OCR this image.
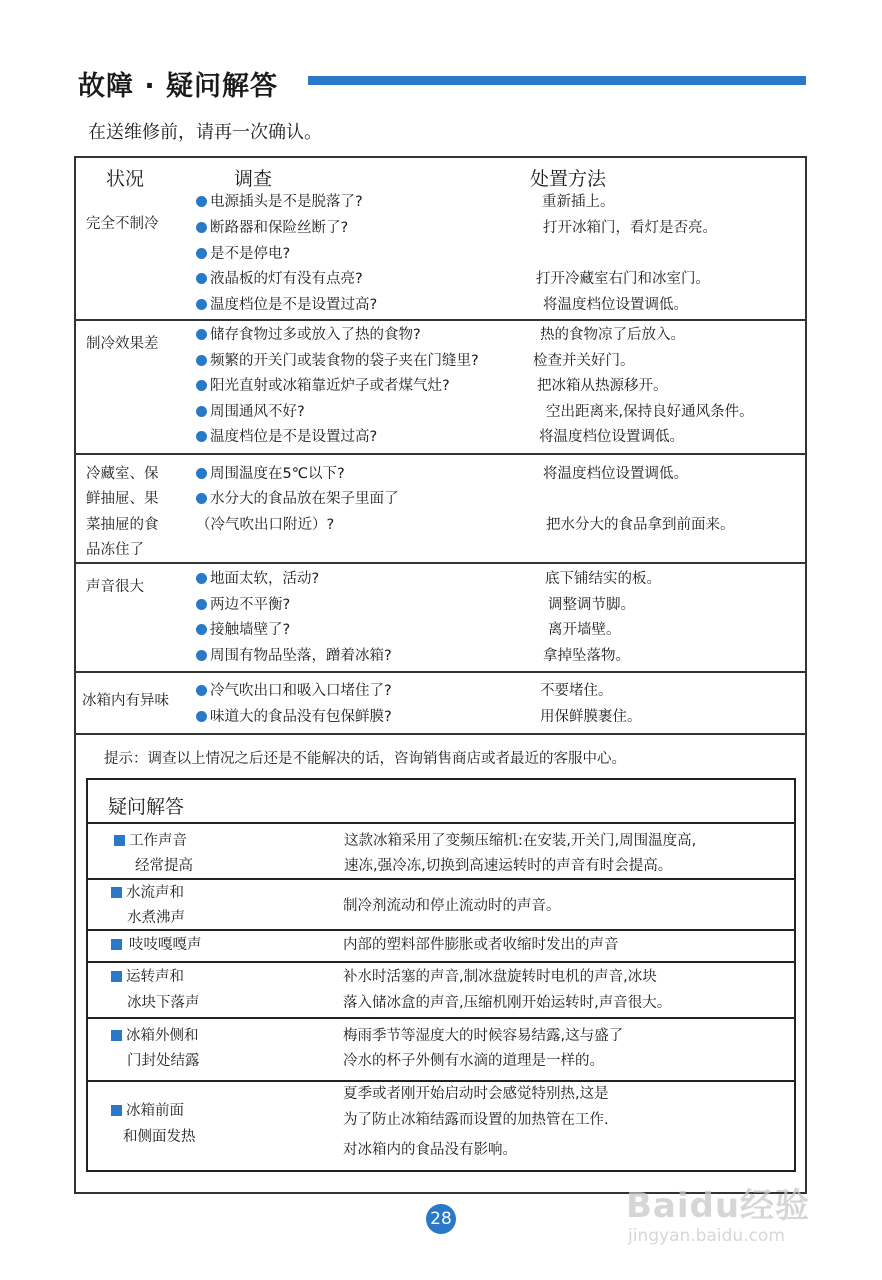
故障 · 疑问解答
在送维修前，请再一次确认。
状况	调查	处置方法
完全不制冷
电源插头是不是脱落了?	重新插上。
断路器和保险丝断了?	打开冰箱门，看灯是否亮。
是不是停电?
液晶板的灯有没有点亮?	打开冷藏室右门和冰室门。
温度档位是不是设置过高?	将温度档位设置调低。
制冷效果差
储存食物过多或放入了热的食物?	热的食物凉了后放入。
频繁的开关门或装食物的袋子夹在门缝里?	检查并关好门。
阳光直射或冰箱靠近炉子或者煤气灶?	把冰箱从热源移开。
周围通风不好?	空出距离来,保持良好通风条件。
温度档位是不是设置过高?	将温度档位设置调低。
冷藏室、保
鲜抽屉、果
菜抽屉的食
品冻住了
周围温度在5℃以下?	将温度档位设置调低。
水分大的食品放在架子里面了
（冷气吹出口附近）?	把水分大的食品拿到前面来。
声音很大	地面太软，活动?	底下铺结实的板。
两边不平衡?	调整调节脚。
接触墙壁了?	离开墙壁。
周围有物品坠落，蹭着冰箱?	拿掉坠落物。
冰箱内有异味
冷气吹出口和吸入口堵住了?	不要堵住。
味道大的食品没有包保鲜膜?	用保鲜膜裹住。
提示：调查以上情况之后还是不能解决的话，咨询销售商店或者最近的客服中心。
疑问解答
工作声音
经常提高
这款冰箱采用了变频压缩机:在安装,开关门,周围温度高,
速冻,强冷冻,切换到高速运转时的声音有时会提高。
水流声和
水煮沸声
制冷剂流动和停止流动时的声音。
吱吱嘎嘎声	内部的塑料部件膨胀或者收缩时发出的声音
运转声和
冰块下落声
补水时活塞的声音,制冰盘旋转时电机的声音,冰块
落入储冰盒的声音,压缩机刚开始运转时,声音很大。
冰箱外侧和
门封处结露
梅雨季节等湿度大的时候容易结露,这与盛了
冷水的杯子外侧有水滴的道理是一样的。
冰箱前面
和侧面发热
夏季或者刚开始启动时会感觉特别热,这是
为了防止冰箱结露而设置的加热管在工作.
对冰箱内的食品没有影响。
28	Baidu经验
jingyan.baidu.com
